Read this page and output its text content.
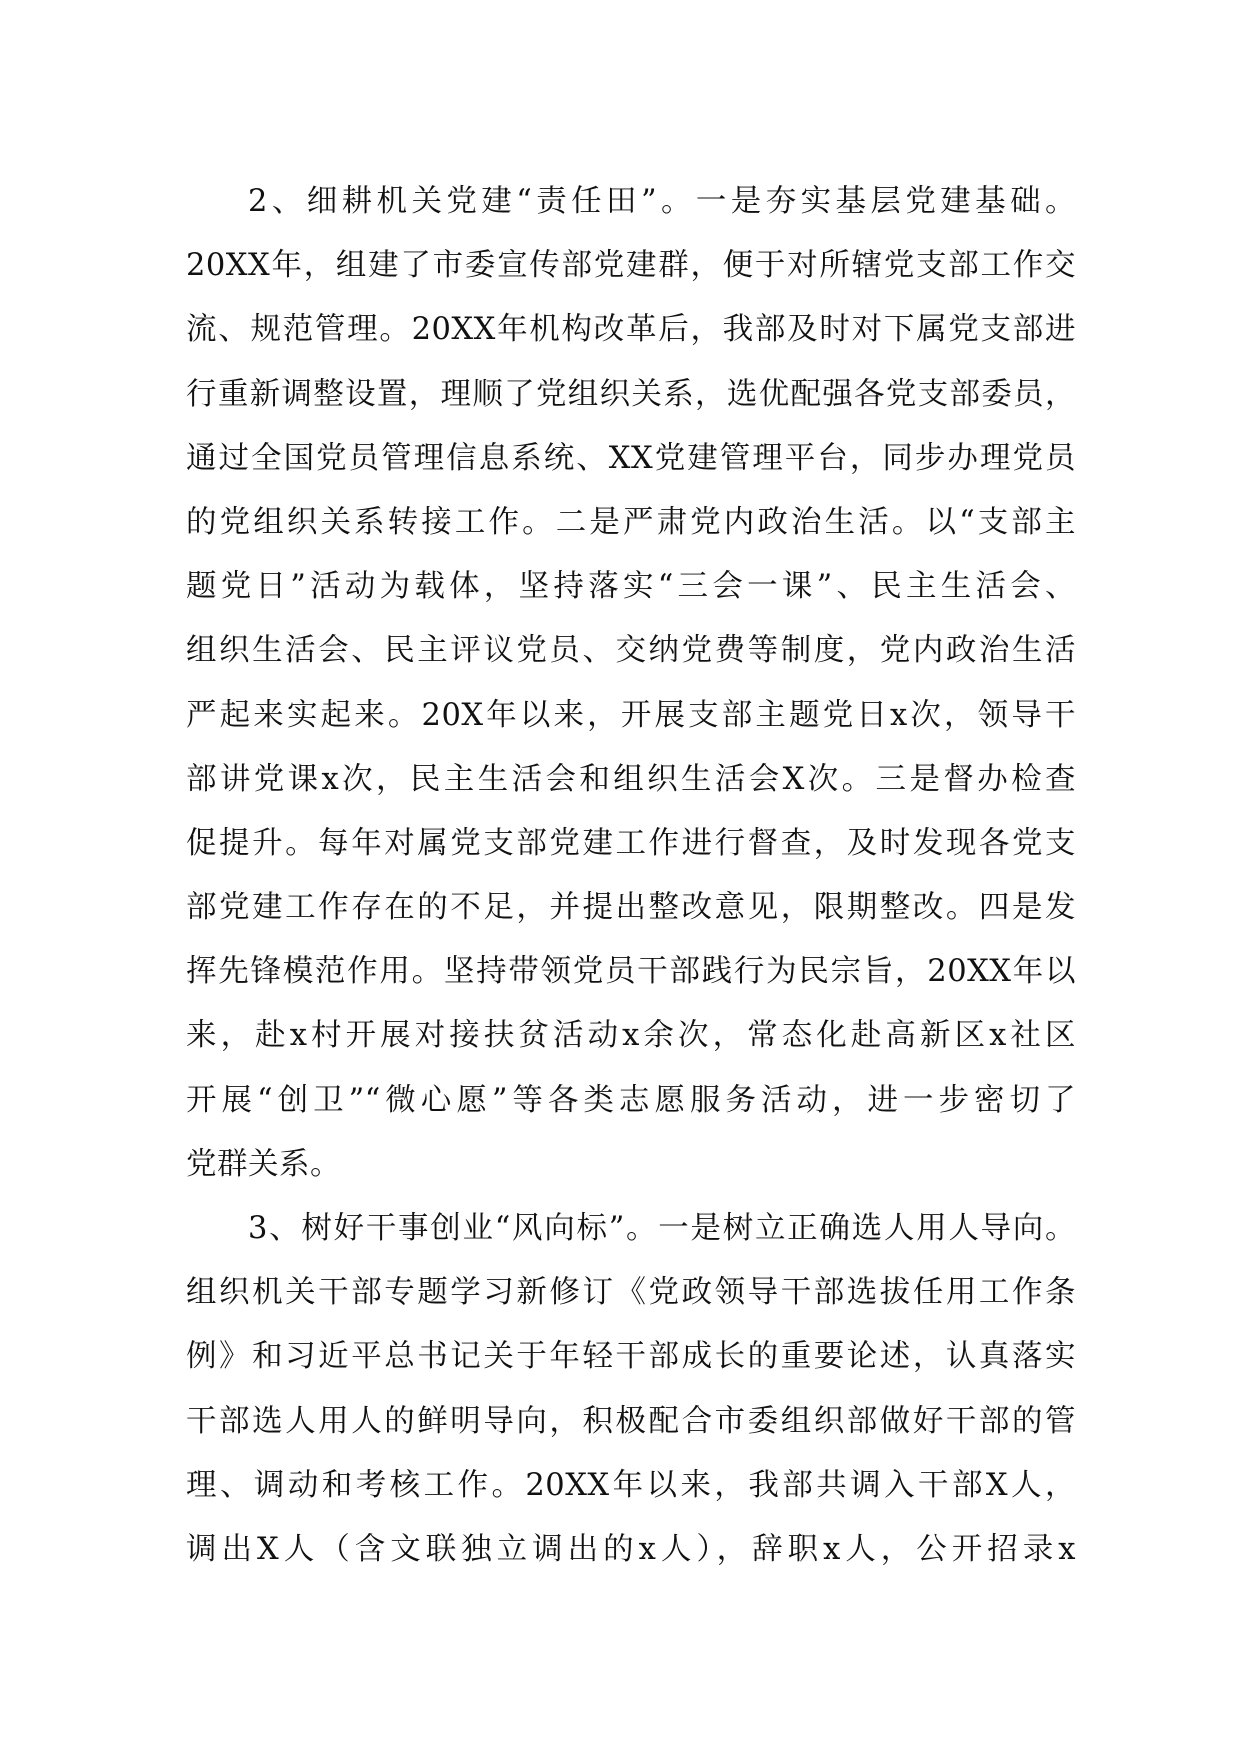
2、细耕机关党建“责任田”。一是夯实基层党建基础。
20XX年，组建了市委宣传部党建群，便于对所辖党支部工作交
流、规范管理。20XX年机构改革后，我部及时对下属党支部进
行重新调整设置，理顺了党组织关系，选优配强各党支部委员，
通过全国党员管理信息系统、XX党建管理平台，同步办理党员
的党组织关系转接工作。二是严肃党内政治生活。以“支部主
题党日”活动为载体，坚持落实“三会一课”、民主生活会、
组织生活会、民主评议党员、交纳党费等制度，党内政治生活
严起来实起来。20X年以来，开展支部主题党日x次，领导干
部讲党课x次，民主生活会和组织生活会X次。三是督办检查
促提升。每年对属党支部党建工作进行督查，及时发现各党支
部党建工作存在的不足，并提出整改意见，限期整改。四是发
挥先锋模范作用。坚持带领党员干部践行为民宗旨，20XX年以
来，赴x村开展对接扶贫活动x余次，常态化赴高新区x社区
开展“创卫”“微心愿”等各类志愿服务活动，进一步密切了
党群关系。
3、树好干事创业“风向标”。一是树立正确选人用人导向。
组织机关干部专题学习新修订《党政领导干部选拔任用工作条
例》和习近平总书记关于年轻干部成长的重要论述，认真落实
干部选人用人的鲜明导向，积极配合市委组织部做好干部的管
理、调动和考核工作。20XX年以来，我部共调入干部X人，
调出X人（含文联独立调出的x人），辞职x人，公开招录x
